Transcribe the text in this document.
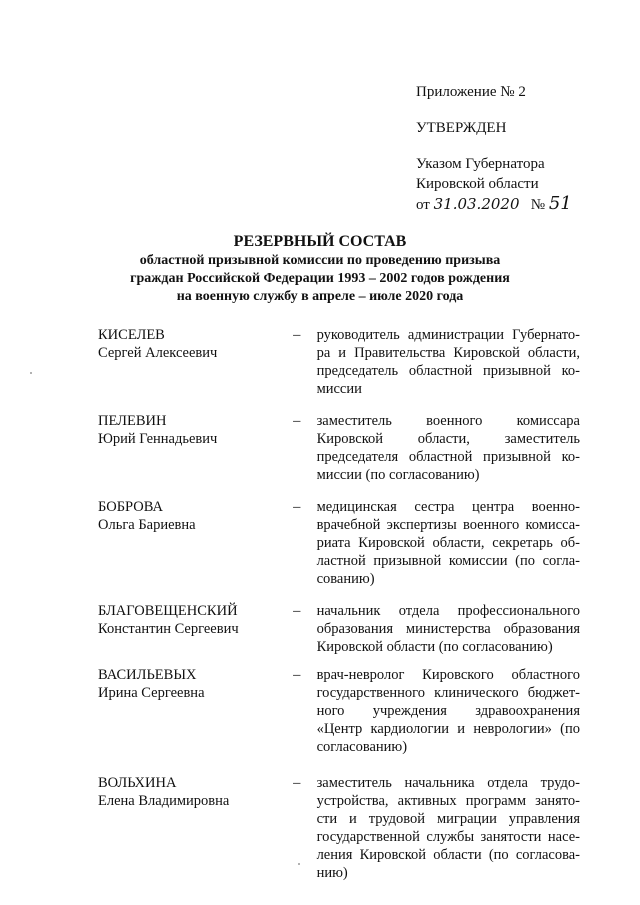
Приложение № 2
УТВЕРЖДЕН
Указом Губернатора
Кировской области
от 31.03.2020 № 51
РЕЗЕРВНЫЙ СОСТАВ
областной призывной комиссии по проведению призыва
граждан Российской Федерации 1993 – 2002 годов рождения
на военную службу в апреле – июле 2020 года
КИСЕЛЕВ
Сергей Алексеевич
–	руководитель администрации Губернато-
ра и Правительства Кировской области,
председатель областной призывной ко-
миссии
ПЕЛЕВИН
Юрий Геннадьевич
–	заместитель военного комиссара
Кировской области, заместитель
председателя областной призывной ко-
миссии (по согласованию)
БОБРОВА
Ольга Бариевна
–	медицинская сестра центра военно-
врачебной экспертизы военного комисса-
риата Кировской области, секретарь об-
ластной призывной комиссии (по согла-
сованию)
БЛАГОВЕЩЕНСКИЙ
Константин Сергеевич
–	начальник отдела профессионального
образования министерства образования
Кировской области (по согласованию)
ВАСИЛЬЕВЫХ
Ирина Сергеевна
–	врач-невролог Кировского областного
государственного клинического бюджет-
ного учреждения здравоохранения
«Центр кардиологии и неврологии» (по
согласованию)
ВОЛЬХИНА
Елена Владимировна
–	заместитель начальника отдела трудо-
устройства, активных программ занято-
сти и трудовой миграции управления
государственной службы занятости насе-
ления Кировской области (по согласова-
нию)
